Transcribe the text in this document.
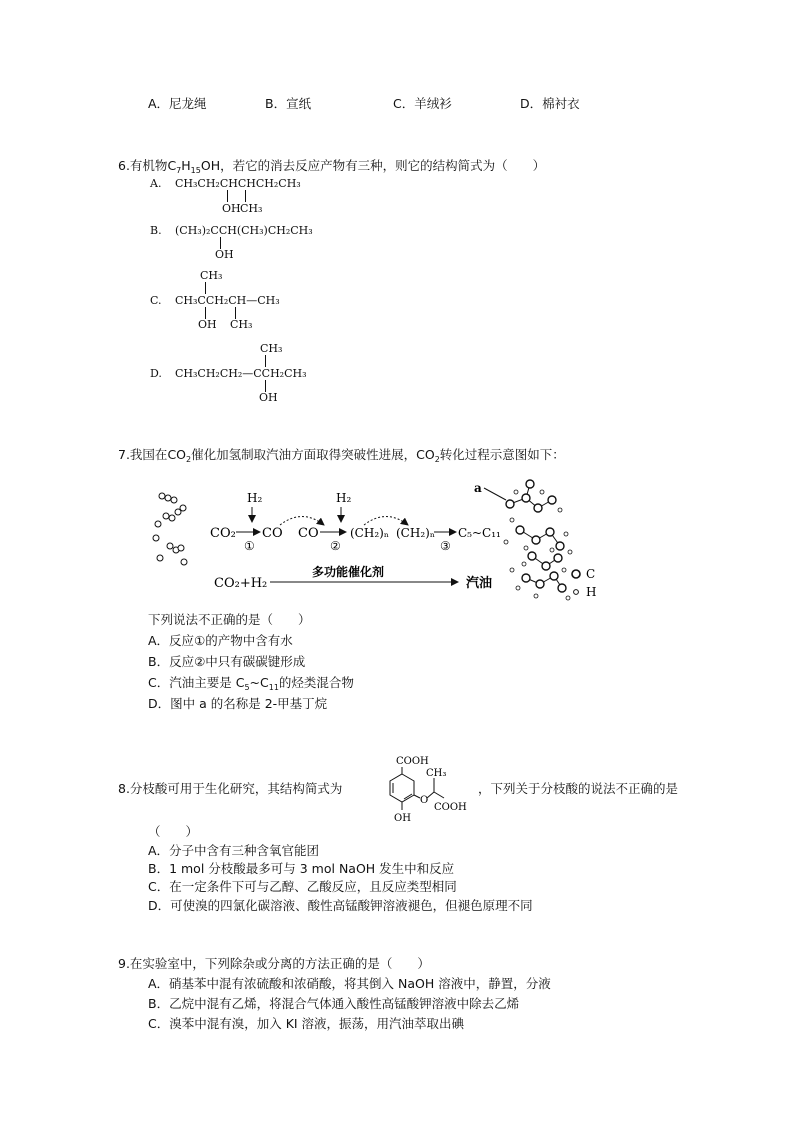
A．尼龙绳	B．宣纸	C．羊绒衫	D．棉衬衣
6.有机物$C_7H_{15}OH$，若它的消去反应产物有三种，则它的结构简式为（　　）
A. CH₃CH₂CHCHCH₂CH₃
OH CH₃
B. (CH₃)₂CCH(CH₃)CH₂CH₃
OH
CH₃
C. CH₃CCH₂CH—CH₃
OH CH₃
CH₃
D. CH₃CH₂CH₂—CCH₂CH₃
OH
7.我国在$CO_2$催化加氢制取汽油方面取得突破性进展，$CO_2$转化过程示意图如下：
H₂	H₂
CO₂
①
CO CO
②
(CH₂)ₙ (CH₂)ₙ
③
C₅~C₁₁
CO₂+H₂
多功能催化剂
汽油
a
C
H
下列说法不正确的是（　　）
A．反应①的产物中含有水
B．反应②中只有碳碳键形成
C．汽油主要是 $C_5\sim C_{11}$的烃类混合物
D．图中 a 的名称是 2-甲基丁烷
8.分枝酸可用于生化研究，其结构简式为
COOH
O
CH₃
COOH
OH
，下列关于分枝酸的说法不正确的是
（　　）
A．分子中含有三种含氧官能团
B．1 mol 分枝酸最多可与 3 mol NaOH 发生中和反应
C．在一定条件下可与乙醇、乙酸反应，且反应类型相同
D．可使溴的四氯化碳溶液、酸性高锰酸钾溶液褪色，但褪色原理不同
9.在实验室中，下列除杂或分离的方法正确的是（　　）
A．硝基苯中混有浓硫酸和浓硝酸，将其倒入 NaOH 溶液中，静置，分液
B．乙烷中混有乙烯，将混合气体通入酸性高锰酸钾溶液中除去乙烯
C．溴苯中混有溴，加入 KI 溶液，振荡，用汽油萃取出碘
